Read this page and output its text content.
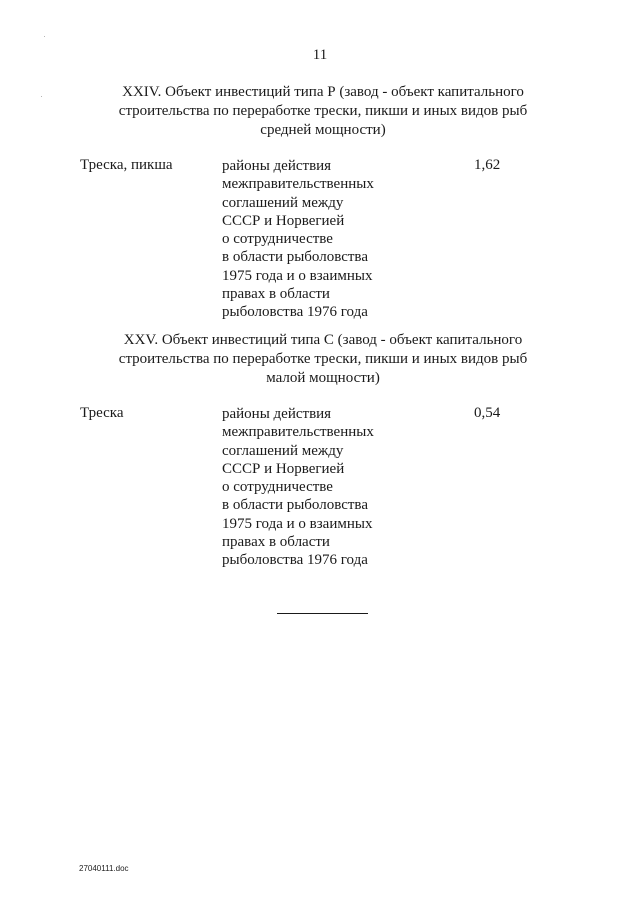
11
XXIV. Объект инвестиций типа Р (завод - объект капитального
строительства по переработке трески, пикши и иных видов рыб
средней мощности)
Треска, пикша	районы действия
межправительственных
соглашений между
СССР и Норвегией
о сотрудничестве
в области рыболовства
1975 года и о взаимных
правах в области
рыболовства 1976 года
1,62
XXV. Объект инвестиций типа С (завод - объект капитального
строительства по переработке трески, пикши и иных видов рыб
малой мощности)
Треска	районы действия
межправительственных
соглашений между
СССР и Норвегией
о сотрудничестве
в области рыболовства
1975 года и о взаимных
правах в области
рыболовства 1976 года
0,54
27040111.doc
